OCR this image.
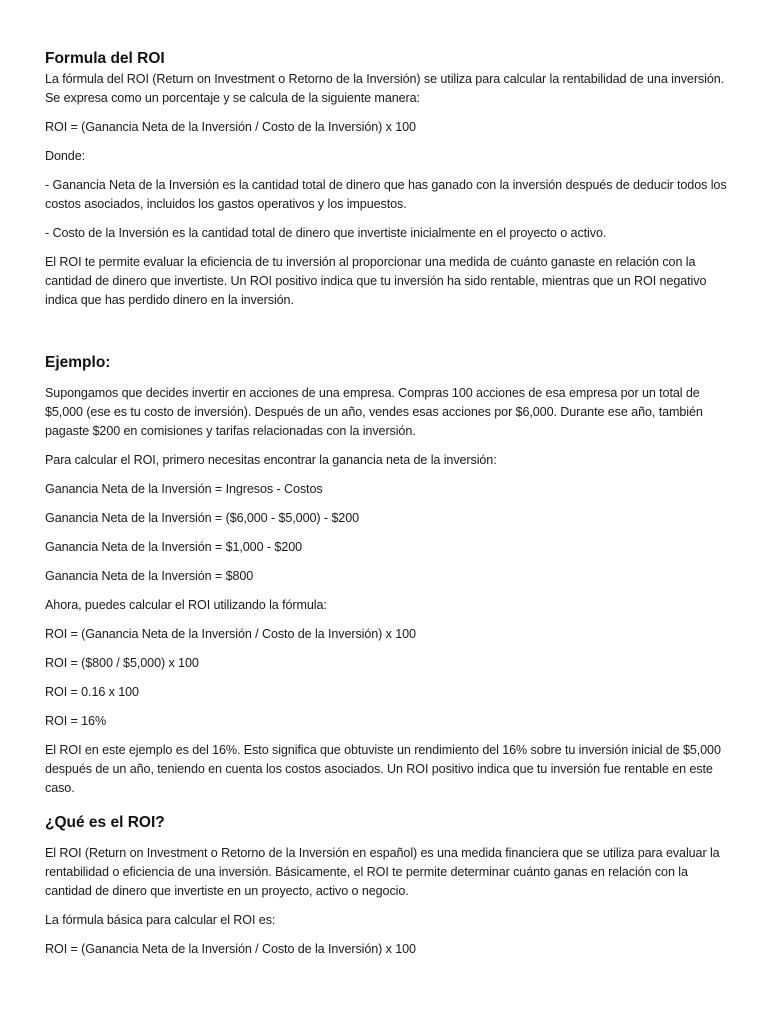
Formula del ROI

La fórmula del ROI (Return on Investment o Retorno de la Inversión) se utiliza para calcular la rentabilidad de una inversión. Se expresa como un porcentaje y se calcula de la siguiente manera:

ROI = (Ganancia Neta de la Inversión / Costo de la Inversión) x 100

Donde:

- Ganancia Neta de la Inversión es la cantidad total de dinero que has ganado con la inversión después de deducir todos los costos asociados, incluidos los gastos operativos y los impuestos.

- Costo de la Inversión es la cantidad total de dinero que invertiste inicialmente en el proyecto o activo.

El ROI te permite evaluar la eficiencia de tu inversión al proporcionar una medida de cuánto ganaste en relación con la cantidad de dinero que invertiste. Un ROI positivo indica que tu inversión ha sido rentable, mientras que un ROI negativo indica que has perdido dinero en la inversión.

Ejemplo:

Supongamos que decides invertir en acciones de una empresa. Compras 100 acciones de esa empresa por un total de $5,000 (ese es tu costo de inversión). Después de un año, vendes esas acciones por $6,000. Durante ese año, también pagaste $200 en comisiones y tarifas relacionadas con la inversión.

Para calcular el ROI, primero necesitas encontrar la ganancia neta de la inversión:

Ganancia Neta de la Inversión = Ingresos - Costos

Ganancia Neta de la Inversión = ($6,000 - $5,000) - $200

Ganancia Neta de la Inversión = $1,000 - $200

Ganancia Neta de la Inversión = $800

Ahora, puedes calcular el ROI utilizando la fórmula:

ROI = (Ganancia Neta de la Inversión / Costo de la Inversión) x 100

ROI = ($800 / $5,000) x 100

ROI = 0.16 x 100

ROI = 16%

El ROI en este ejemplo es del 16%. Esto significa que obtuviste un rendimiento del 16% sobre tu inversión inicial de $5,000 después de un año, teniendo en cuenta los costos asociados. Un ROI positivo indica que tu inversión fue rentable en este caso.

¿Qué es el ROI?

El ROI (Return on Investment o Retorno de la Inversión en español) es una medida financiera que se utiliza para evaluar la rentabilidad o eficiencia de una inversión. Básicamente, el ROI te permite determinar cuánto ganas en relación con la cantidad de dinero que invertiste en un proyecto, activo o negocio.

La fórmula básica para calcular el ROI es:

ROI = (Ganancia Neta de la Inversión / Costo de la Inversión) x 100
